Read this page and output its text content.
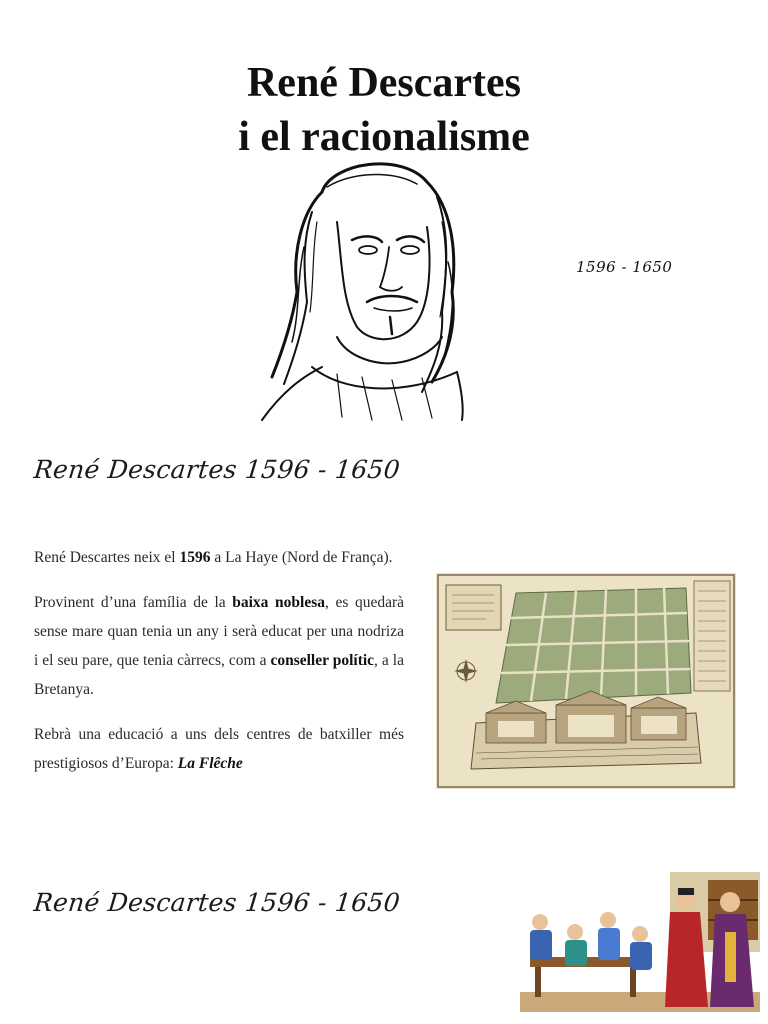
René Descartes
i el racionalisme
1596 - 1650
René Descartes 1596 - 1650

René Descartes neix el 1596 a La Haye (Nord de França).

Provinent d’una família de la baixa noblesa, es quedarà sense mare quan tenia un any i serà educat per una nodriza i el seu pare, que tenia càrrecs, com a conseller polític, a la Bretanya.

Rebrà una educació a uns dels centres de batxiller més prestigiosos d’Europa: La Flêche

René Descartes 1596 - 1650
